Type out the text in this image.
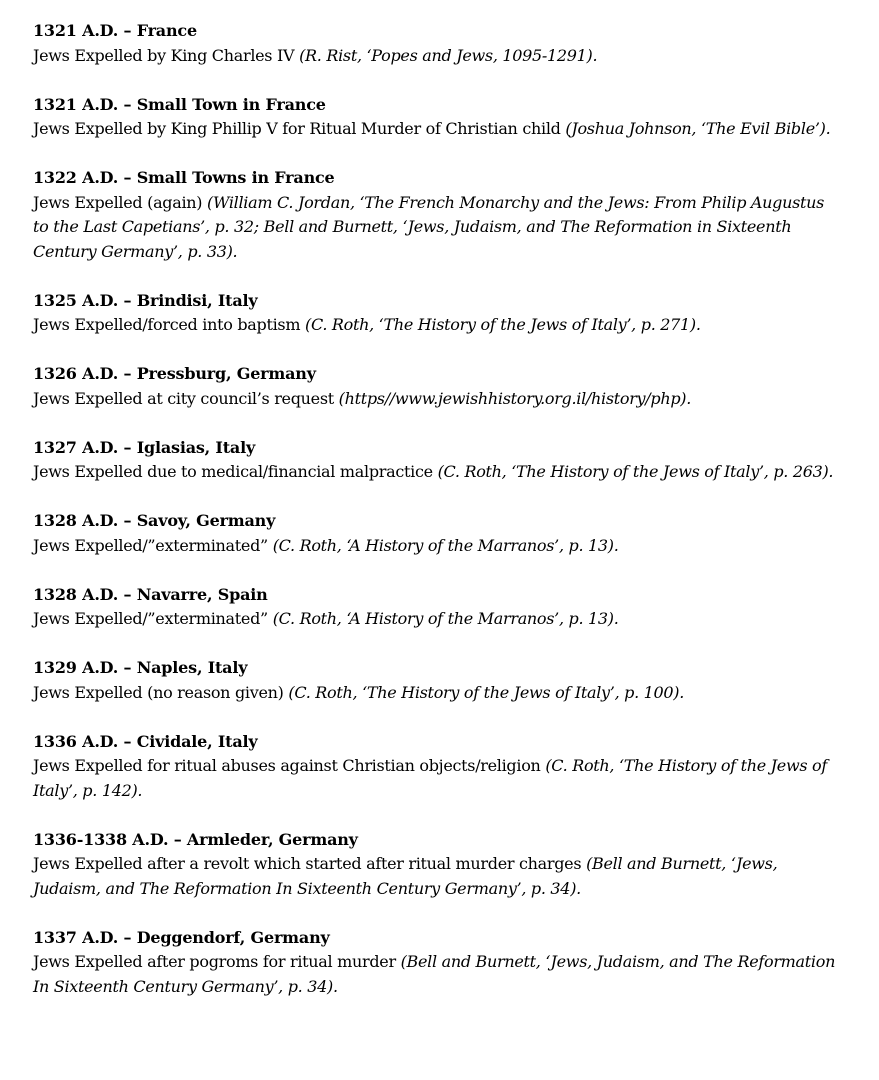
1321 A.D. – France

Jews Expelled by King Charles IV (R. Rist, ‘Popes and Jews, 1095-1291).

1321 A.D. – Small Town in France

Jews Expelled by King Phillip V for Ritual Murder of Christian child (Joshua Johnson, ‘The Evil Bible’).

1322 A.D. – Small Towns in France

Jews Expelled (again) (William C. Jordan, ‘The French Monarchy and the Jews: From Philip Augustus to the Last Capetians’, p. 32; Bell and Burnett, ‘Jews, Judaism, and The Reformation in Sixteenth Century Germany’, p. 33).

1325 A.D. – Brindisi, Italy

Jews Expelled/forced into baptism (C. Roth, ‘The History of the Jews of Italy’, p. 271).

1326 A.D. – Pressburg, Germany

Jews Expelled at city council’s request (https//www.jewishhistory.org.il/history/php).

1327 A.D. – Iglasias, Italy

Jews Expelled due to medical/financial malpractice (C. Roth, ‘The History of the Jews of Italy’, p. 263).

1328 A.D. – Savoy, Germany

Jews Expelled/”exterminated” (C. Roth, ‘A History of the Marranos’, p. 13).

1328 A.D. – Navarre, Spain

Jews Expelled/”exterminated” (C. Roth, ‘A History of the Marranos’, p. 13).

1329 A.D. – Naples, Italy

Jews Expelled (no reason given) (C. Roth, ‘The History of the Jews of Italy’, p. 100).

1336 A.D. – Cividale, Italy

Jews Expelled for ritual abuses against Christian objects/religion (C. Roth, ‘The History of the Jews of Italy’, p. 142).

1336-1338 A.D. – Armleder, Germany

Jews Expelled after a revolt which started after ritual murder charges (Bell and Burnett, ‘Jews, Judaism, and The Reformation In Sixteenth Century Germany’, p. 34).

1337 A.D. – Deggendorf, Germany

Jews Expelled after pogroms for ritual murder (Bell and Burnett, ‘Jews, Judaism, and The Reformation In Sixteenth Century Germany’, p. 34).
